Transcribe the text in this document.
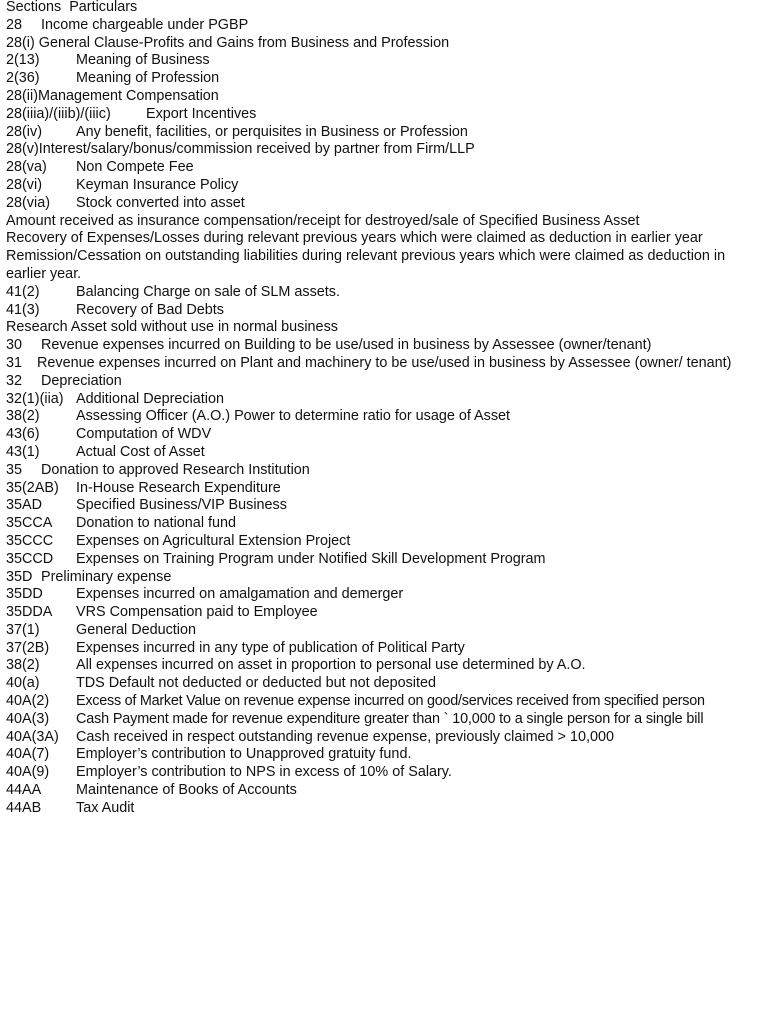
Sections Particulars
28 Income chargeable under PGBP
28(i) General Clause-Profits and Gains from Business and Profession
2(13)	Meaning of Business
2(36)	Meaning of Profession
28(ii)Management Compensation
28(iiia)/(iiib)/(iiic) Export Incentives
28(iv) Any benefit, facilities, or perquisites in Business or Profession
28(v)Interest/salary/bonus/commission received by partner from Firm/LLP
28(va) Non Compete Fee
28(vi) Keyman Insurance Policy
28(via) Stock converted into asset
Amount received as insurance compensation/receipt for destroyed/sale of Specified Business Asset
Recovery of Expenses/Losses during relevant previous years which were claimed as deduction in earlier year
Remission/Cessation on outstanding liabilities during relevant previous years which were claimed as deduction in earlier year.
41(2)	Balancing Charge on sale of SLM assets.
41(3)	Recovery of Bad Debts
Research Asset sold without use in normal business
30 Revenue expenses incurred on Building to be use/used in business by Assessee (owner/tenant)
31 Revenue expenses incurred on Plant and machinery to be use/used in business by Assessee (owner/ tenant)
32 Depreciation
32(1)(iia) Additional Depreciation
38(2)	Assessing Officer (A.O.) Power to determine ratio for usage of Asset
43(6)	Computation of WDV
43(1)	Actual Cost of Asset
35 Donation to approved Research Institution
35(2AB) In-House Research Expenditure
35AD Specified Business/VIP Business
35CCA Donation to national fund
35CCC Expenses on Agricultural Extension Project
35CCD Expenses on Training Program under Notified Skill Development Program
35D Preliminary expense
35DD Expenses incurred on amalgamation and demerger
35DDA VRS Compensation paid to Employee
37(1)	General Deduction
37(2B) Expenses incurred in any type of publication of Political Party
38(2)	All expenses incurred on asset in proportion to personal use determined by A.O.
40(a)	TDS Default not deducted or deducted but not deposited
40A(2) Excess of Market Value on revenue expense incurred on good/services received from specified person
40A(3) Cash Payment made for revenue expenditure greater than ` 10,000 to a single person for a single bill
40A(3A) Cash received in respect outstanding revenue expense, previously claimed > 10,000
40A(7) Employer’s contribution to Unapproved gratuity fund.
40A(9) Employer’s contribution to NPS in excess of 10% of Salary.
44AA Maintenance of Books of Accounts
44AB Tax Audit
